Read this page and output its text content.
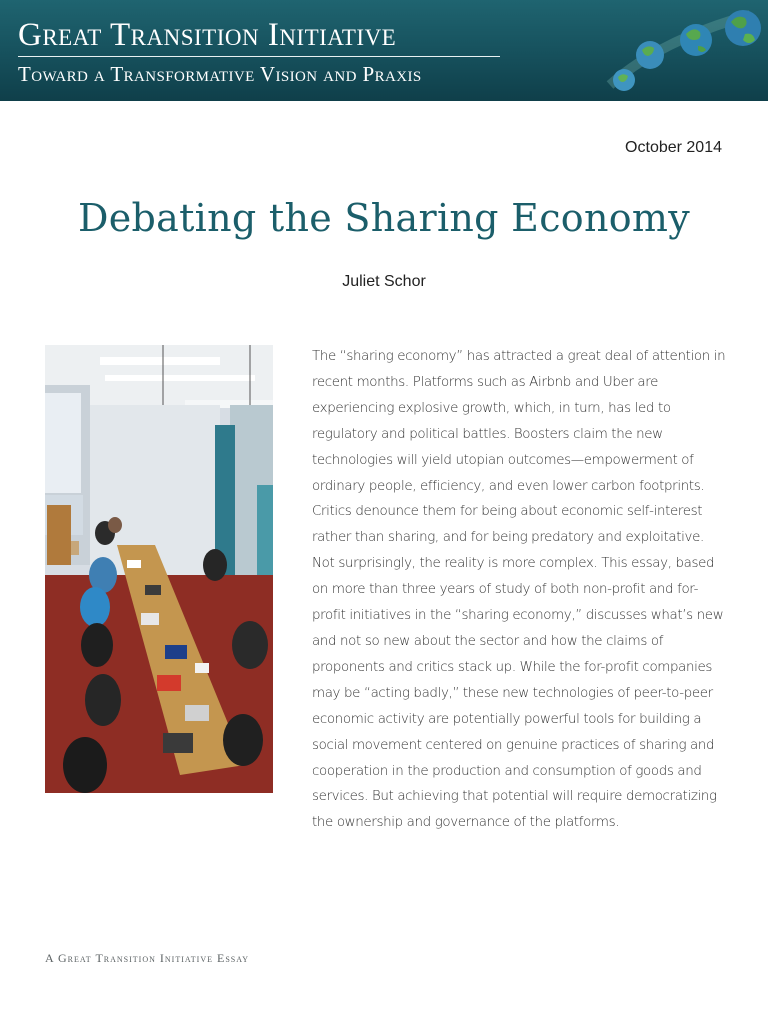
Great Transition Initiative
Toward a Transformative Vision and Praxis
October 2014
Debating the Sharing Economy
Juliet Schor
The “sharing economy” has attracted a great deal of attention in recent months. Platforms such as Airbnb and Uber are experiencing explosive growth, which, in turn, has led to regulatory and political battles. Boosters claim the new technologies will yield utopian outcomes—empowerment of ordinary people, efficiency, and even lower carbon footprints. Critics denounce them for being about economic self-interest rather than sharing, and for being predatory and exploitative. Not surprisingly, the reality is more complex. This essay, based on more than three years of study of both non-profit and for-profit initiatives in the “sharing economy,” discusses what’s new and not so new about the sector and how the claims of proponents and critics stack up. While the for-profit companies may be “acting badly,” these new technologies of peer-to-peer economic activity are potentially powerful tools for building a social movement centered on genuine practices of sharing and cooperation in the production and consumption of goods and services. But achieving that potential will require democratizing the ownership and governance of the platforms.
A Great Transition Initiative Essay
